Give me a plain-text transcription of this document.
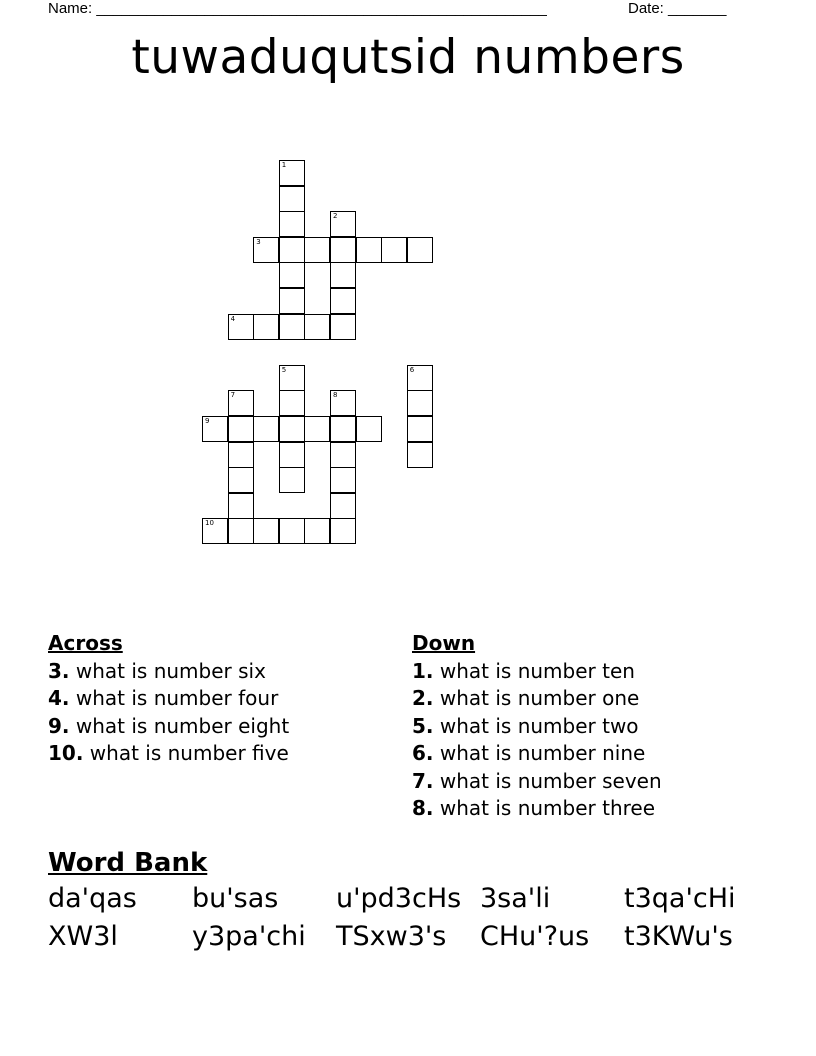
Name: ______________________________________________________	Date: _______
tuwaduqutsid numbers
1
2
3
4
5	6
7	8
9
10
Across
3. what is number six
4. what is number four
9. what is number eight
10. what is number five
Down
1. what is number ten
2. what is number one
5. what is number two
6. what is number nine
7. what is number seven
8. what is number three
Word Bank
da'qas bu'sas u'pd3cHs 3sa'li	t3qa'cHi
XW3l	y3pa'chi TSxw3's CHu'?us t3KWu's
